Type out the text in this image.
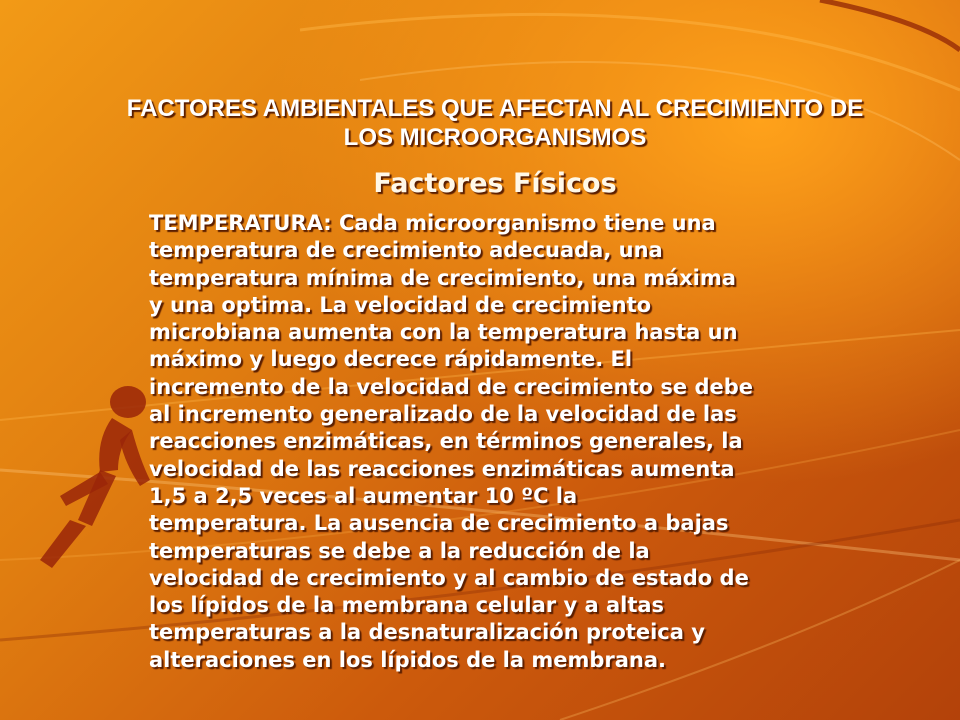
FACTORES AMBIENTALES QUE AFECTAN AL CRECIMIENTO DE LOS MICROORGANISMOS
Factores Físicos

TEMPERATURA: Cada microorganismo tiene una
temperatura de crecimiento adecuada, una
temperatura mínima de crecimiento, una máxima
y una optima. La velocidad de crecimiento
microbiana aumenta con la temperatura hasta un
máximo y luego decrece rápidamente. El
incremento de la velocidad de crecimiento se debe
al incremento generalizado de la velocidad de las
reacciones enzimáticas, en términos generales, la
velocidad de las reacciones enzimáticas aumenta
1,5 a 2,5 veces al aumentar 10 ºC la
temperatura. La ausencia de crecimiento a bajas
temperaturas se debe a la reducción de la
velocidad de crecimiento y al cambio de estado de
los lípidos de la membrana celular y a altas
temperaturas a la desnaturalización proteica y
alteraciones en los lípidos de la membrana.
